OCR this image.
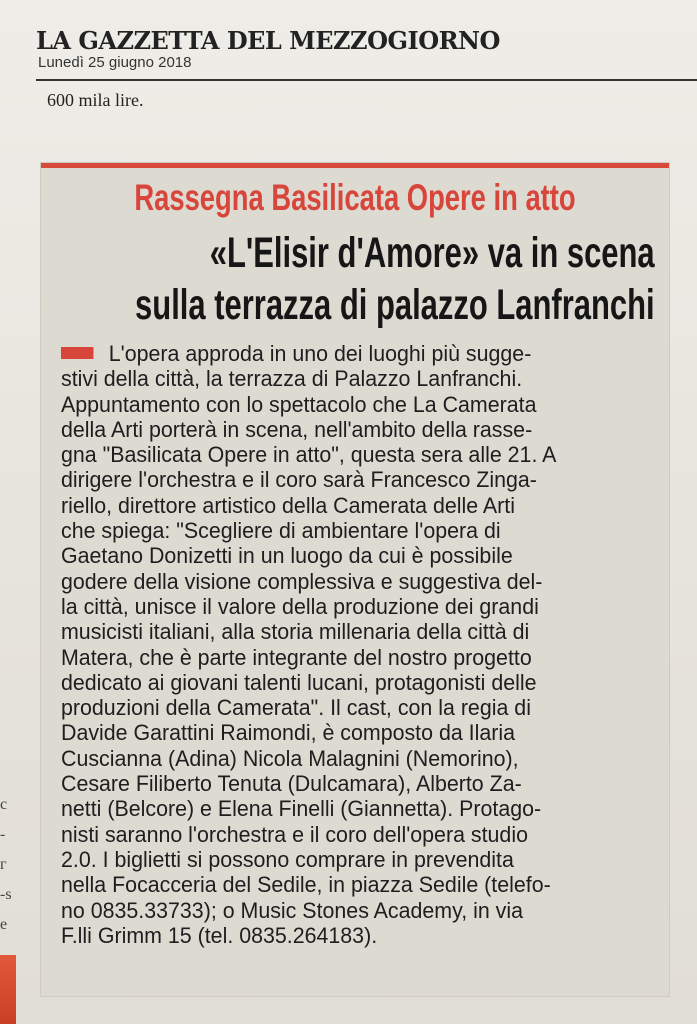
LA GAZZETTA DEL MEZZOGIORNO
Lunedì 25 giugno 2018
600 mila lire.
c
-
г
-s
e
Rassegna Basilicata Opere in atto
«L'Elisir d'Amore» va in scena
sulla terrazza di palazzo Lanfranchi
L'opera approda in uno dei luoghi più sugge-
stivi della città, la terrazza di Palazzo Lanfranchi.
Appuntamento con lo spettacolo che La Camerata
della Arti porterà in scena, nell'ambito della rasse-
gna "Basilicata Opere in atto", questa sera alle 21. A
dirigere l'orchestra e il coro sarà Francesco Zinga-
riello, direttore artistico della Camerata delle Arti
che spiega: "Scegliere di ambientare l'opera di
Gaetano Donizetti in un luogo da cui è possibile
godere della visione complessiva e suggestiva del-
la città, unisce il valore della produzione dei grandi
musicisti italiani, alla storia millenaria della città di
Matera, che è parte integrante del nostro progetto
dedicato ai giovani talenti lucani, protagonisti delle
produzioni della Camerata". Il cast, con la regia di
Davide Garattini Raimondi, è composto da Ilaria
Cuscianna (Adina) Nicola Malagnini (Nemorino),
Cesare Filiberto Tenuta (Dulcamara), Alberto Za-
netti (Belcore) e Elena Finelli (Giannetta). Protago-
nisti saranno l'orchestra e il coro dell'opera studio
2.0. I biglietti si possono comprare in prevendita
nella Focacceria del Sedile, in piazza Sedile (telefo-
no 0835.33733); o Music Stones Academy, in via
F.lli Grimm 15 (tel. 0835.264183).
